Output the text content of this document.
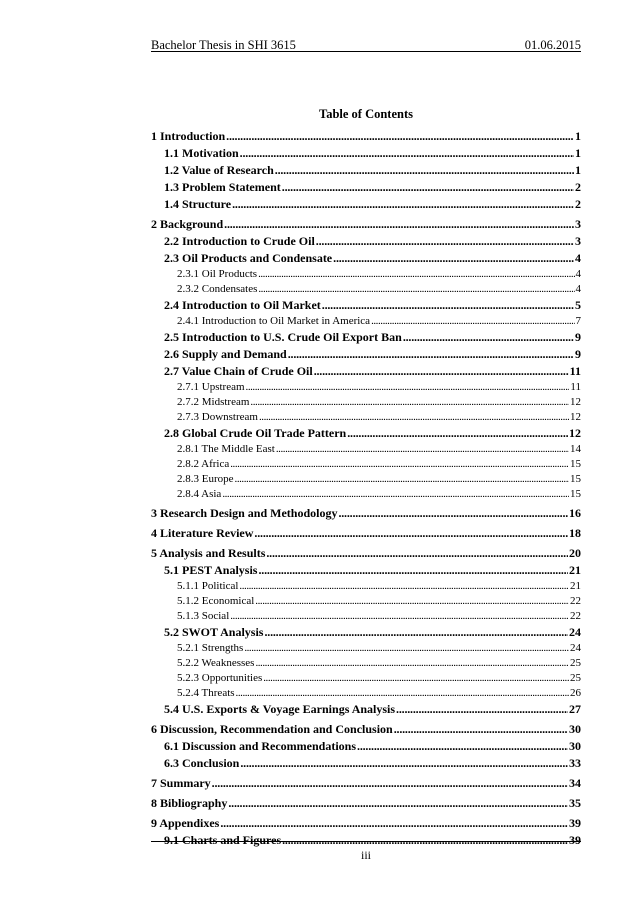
Bachelor Thesis in SHI 3615	01.06.2015
Table of Contents
1 Introduction . . .	1
1.1 Motivation . . .	1
1.2 Value of Research . . .	1
1.3 Problem Statement . . .	2
1.4 Structure . . .	2
2 Background . . .	3
2.2 Introduction to Crude Oil . . .	3
2.3 Oil Products and Condensate . . .	4
2.3.1 Oil Products . . .	4
2.3.2 Condensates . . .	4
2.4 Introduction to Oil Market . . .	5
2.4.1 Introduction to Oil Market in America . . .	7
2.5 Introduction to U.S. Crude Oil Export Ban . . .	9
2.6 Supply and Demand . . .	9
2.7 Value Chain of Crude Oil . . .	11
2.7.1 Upstream . . .	11
2.7.2 Midstream . . .	12
2.7.3 Downstream . . .	12
2.8 Global Crude Oil Trade Pattern . . .	12
2.8.1 The Middle East . . .	14
2.8.2 Africa . . .	15
2.8.3 Europe . . .	15
2.8.4 Asia . . .	15
3 Research Design and Methodology . . .	16
4 Literature Review . . .	18
5 Analysis and Results . . .	20
5.1 PEST Analysis . . .	21
5.1.1 Political . . .	21
5.1.2 Economical . . .	22
5.1.3 Social . . .	22
5.2 SWOT Analysis . . .	24
5.2.1 Strengths . . .	24
5.2.2 Weaknesses . . .	25
5.2.3 Opportunities . . .	25
5.2.4 Threats . . .	26
5.4 U.S. Exports & Voyage Earnings Analysis . . .	27
6 Discussion, Recommendation and Conclusion . . .	30
6.1 Discussion and Recommendations . . .	30
6.3 Conclusion . . .	33
7 Summary . . .	34
8 Bibliography . . .	35
9 Appendixes . . .	39
9.1 Charts and Figures . . .	39
iii
